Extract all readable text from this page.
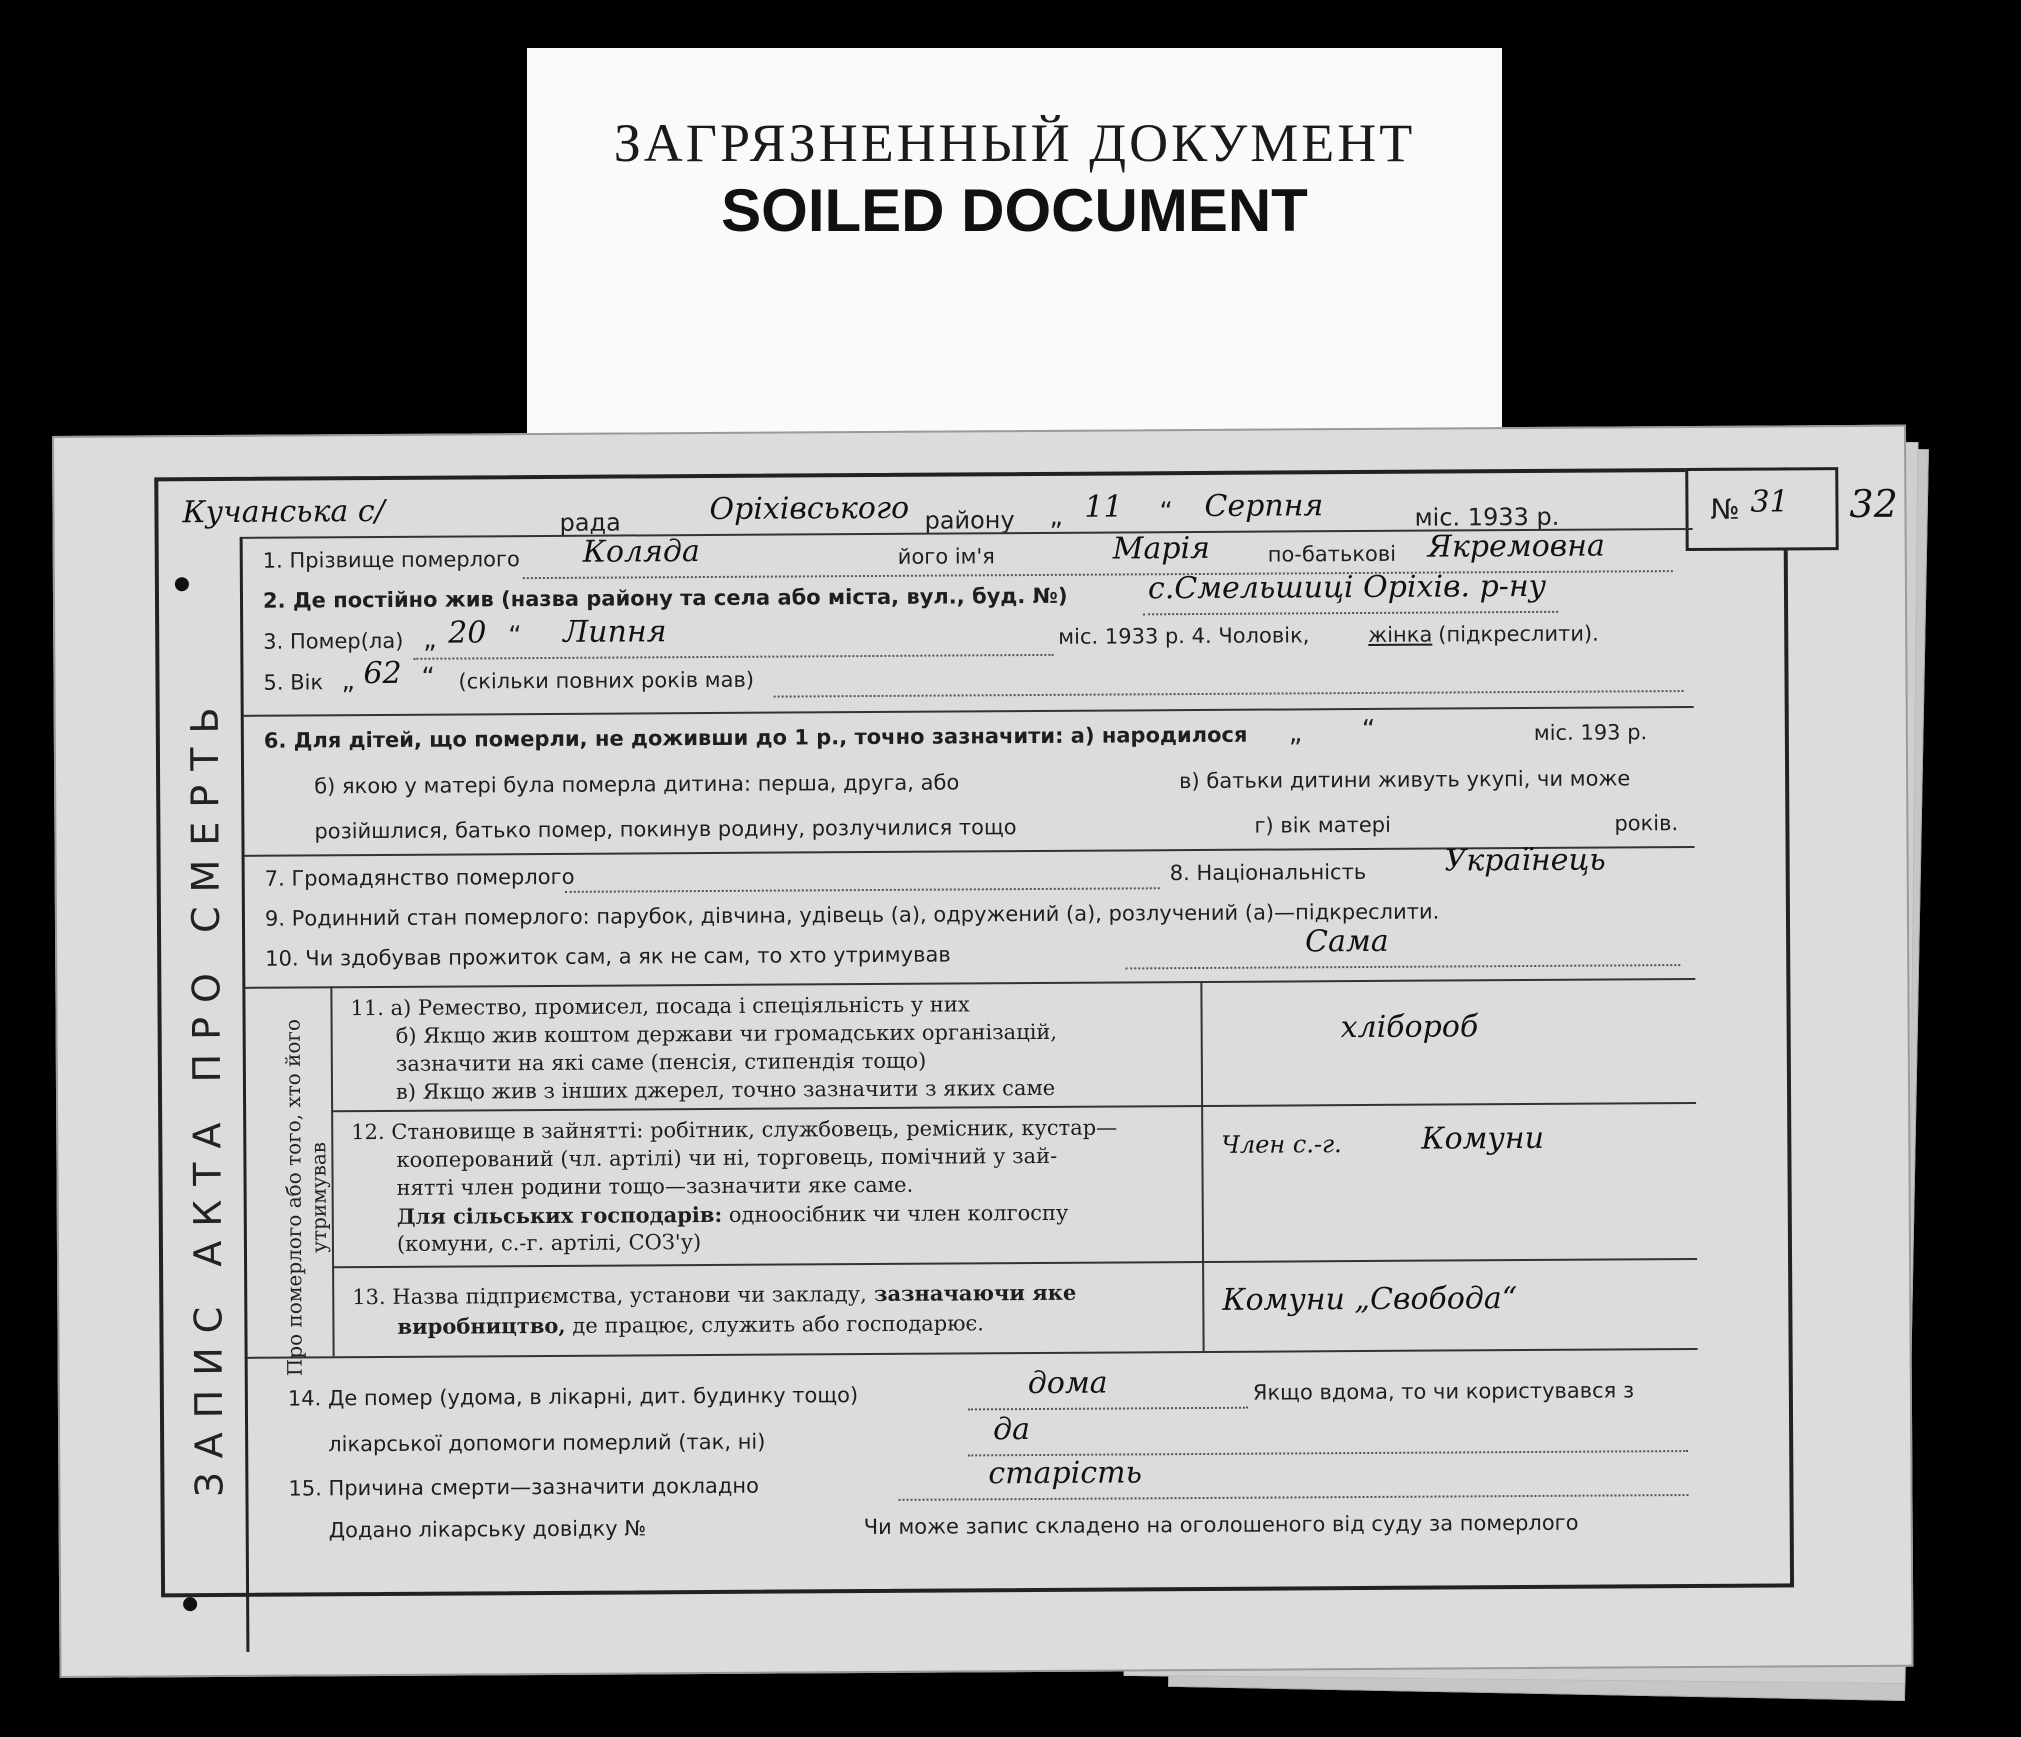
ЗАГРЯЗНЕННЫЙ ДОКУМЕНТ
SOILED DOCUMENT
ЗАПИС АКТА ПРО СМЕРТЬ
Кучанська с/	рада	Оріхівського району „ 11 “ Серпня	міс. 1933 р.	№ 31 32
1. Прізвище померлого Коляда	його ім'я	Марія	по-батькові Якремовна
2. Де постійно жив (назва району та села або міста, вул., буд. №)	с.Смельшиці Оріхів. р-ну
3. Помер(ла) „ 20 “ Липня	міс. 1933 р. 4. Чоловік,	жінка (підкреслити).
5. Вік „ 62 “ (скільки повних років мав)
6. Для дітей, що померли, не доживши до 1 р., точно зазначити: а) народилося „ “	міс. 193 р.
б) якою у матері була померла дитина: перша, друга, або	в) батьки дитини живуть укупі, чи може
розійшлися, батько помер, покинув родину, розлучилися тощо	г) вік матері	років.
7. Громадянство померлого	8. Національність	Українець
9. Родинний стан померлого: парубок, дівчина, удівець (а), одружений (а), розлучений (а)—підкреслити.
10. Чи здобував прожиток сам, а як не сам, то хто утримував	Сама
11. а) Ремество, промисел, посада і спеціяльність у них
б) Якщо жив коштом держави чи громадських організацій,
зазначити на які саме (пенсія, стипендія тощо)
в) Якщо жив з інших джерел, точно зазначити з яких саме
хлібороб
12. Становище в зайнятті: робітник, службовець, ремісник, кустар—
кооперований (чл. артілі) чи ні, торговець, помічний у зай-
нятті член родини тощо—зазначити яке саме.
Для сільських господарів: одноосібник чи член колгоспу
(комуни, с.-г. артілі, СОЗ'у)
Член с.-г.	Комуни
13. Назва підприємства, установи чи закладу, зазначаючи яке
виробництво, де працює, служить або господарює.
Комуни „Свобода“
14. Де помер (удома, в лікарні, дит. будинку тощо)	дома	Якщо вдома, то чи користувався з
лікарської допомоги померлий (так, ні)	да
15. Причина смерти—зазначити докладно	старість
Додано лікарську довідку №	Чи може запис складено на оголошеного від суду за померлого
Про померлого або того, хто його утримував
